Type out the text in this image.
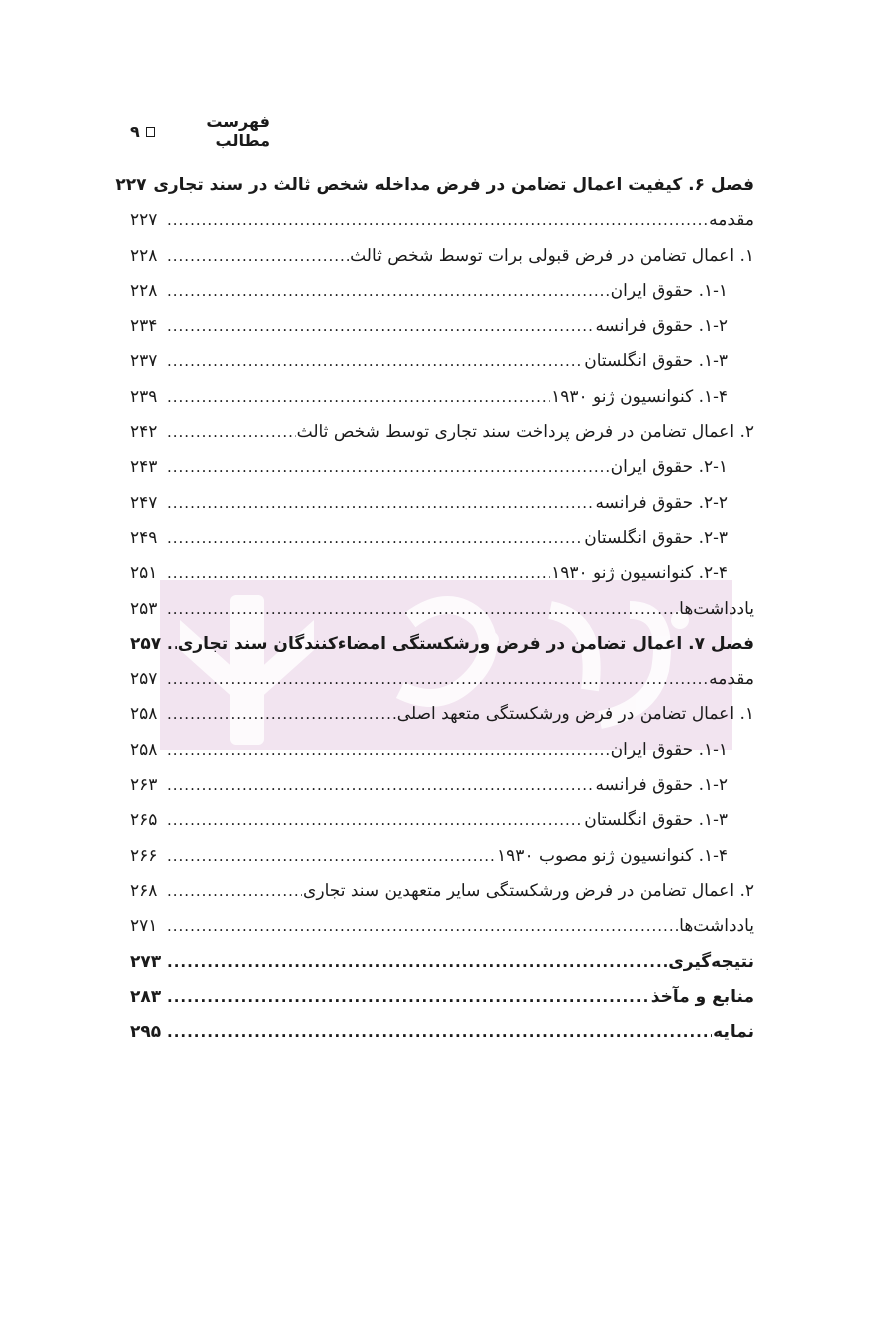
فهرست مطالب
۹
فصل ۶. کیفیت اعمال تضامن در فرض مداخله شخص ثالث در سند تجاری
۲۲۷
مقدمه
.....
۲۲۷
۱. اعمال تضامن در فرض قبولی برات توسط شخص ثالث
.....
۲۲۸
۱-۱. حقوق ایران
.....
۲۲۸
۱-۲. حقوق فرانسه
.....
۲۳۴
۱-۳. حقوق انگلستان
.....
۲۳۷
۱-۴. کنوانسیون ژنو ۱۹۳۰
.....
۲۳۹
۲. اعمال تضامن در فرض پرداخت سند تجاری توسط شخص ثالث
.....
۲۴۲
۲-۱. حقوق ایران
.....
۲۴۳
۲-۲. حقوق فرانسه
.....
۲۴۷
۲-۳. حقوق انگلستان
.....
۲۴۹
۲-۴. کنوانسیون ژنو ۱۹۳۰
.....
۲۵۱
یادداشت‌ها
.....
۲۵۳
فصل ۷. اعمال تضامن در فرض ورشکستگی امضاءکنندگان سند تجاری
.....
۲۵۷
مقدمه
.....
۲۵۷
۱. اعمال تضامن در فرض ورشکستگی متعهد اصلی
.....
۲۵۸
۱-۱. حقوق ایران
.....
۲۵۸
۱-۲. حقوق فرانسه
.....
۲۶۳
۱-۳. حقوق انگلستان
.....
۲۶۵
۱-۴. کنوانسیون ژنو مصوب ۱۹۳۰
.....
۲۶۶
۲. اعمال تضامن در فرض ورشکستگی سایر متعهدین سند تجاری
.....
۲۶۸
یادداشت‌ها
.....
۲۷۱
نتیجه‌گیری
.....
۲۷۳
منابع و مآخذ
.....
۲۸۳
نمایه
.....
۲۹۵
